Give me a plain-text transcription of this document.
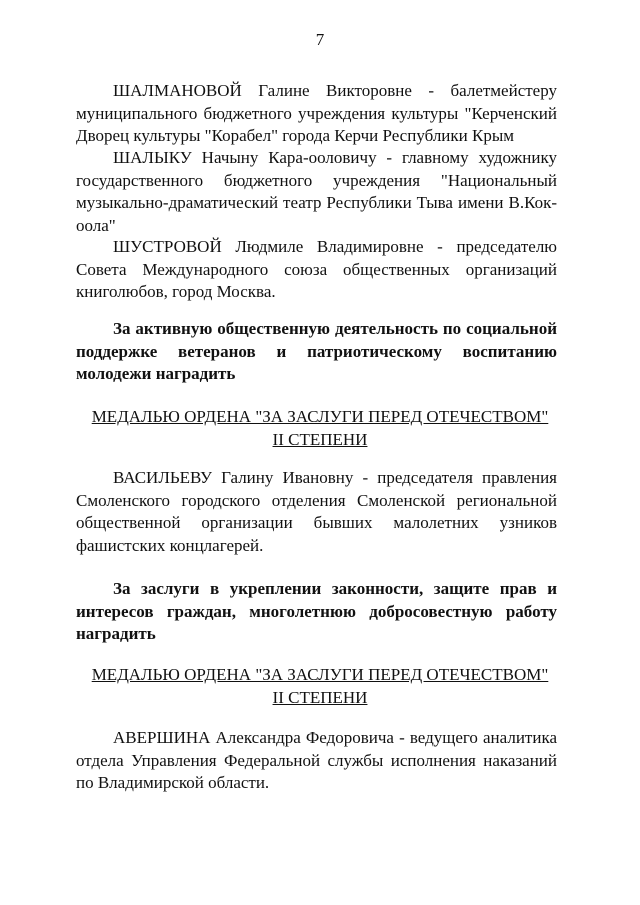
7

ШАЛМАНОВОЙ Галине Викторовне - балетмейстеру муниципального бюджетного учреждения культуры "Керченский Дворец культуры "Корабел" города Керчи Республики Крым

ШАЛЫКУ Начыну Кара-ооловичу - главному художнику государственного бюджетного учреждения "Национальный музыкально-драматический театр Республики Тыва имени В.Кок-оола"

ШУСТРОВОЙ Людмиле Владимировне - председателю Совета Международного союза общественных организаций книголюбов, город Москва.

За активную общественную деятельность по социальной поддержке ветеранов и патриотическому воспитанию молодежи наградить

МЕДАЛЬЮ ОРДЕНА "ЗА ЗАСЛУГИ ПЕРЕД ОТЕЧЕСТВОМ"
II СТЕПЕНИ

ВАСИЛЬЕВУ Галину Ивановну - председателя правления Смоленского городского отделения Смоленской региональной общественной организации бывших малолетних узников фашистских концлагерей.

За заслуги в укреплении законности, защите прав и интересов граждан, многолетнюю добросовестную работу наградить

МЕДАЛЬЮ ОРДЕНА "ЗА ЗАСЛУГИ ПЕРЕД ОТЕЧЕСТВОМ"
II СТЕПЕНИ

АВЕРШИНА Александра Федоровича - ведущего аналитика отдела Управления Федеральной службы исполнения наказаний по Владимирской области.
